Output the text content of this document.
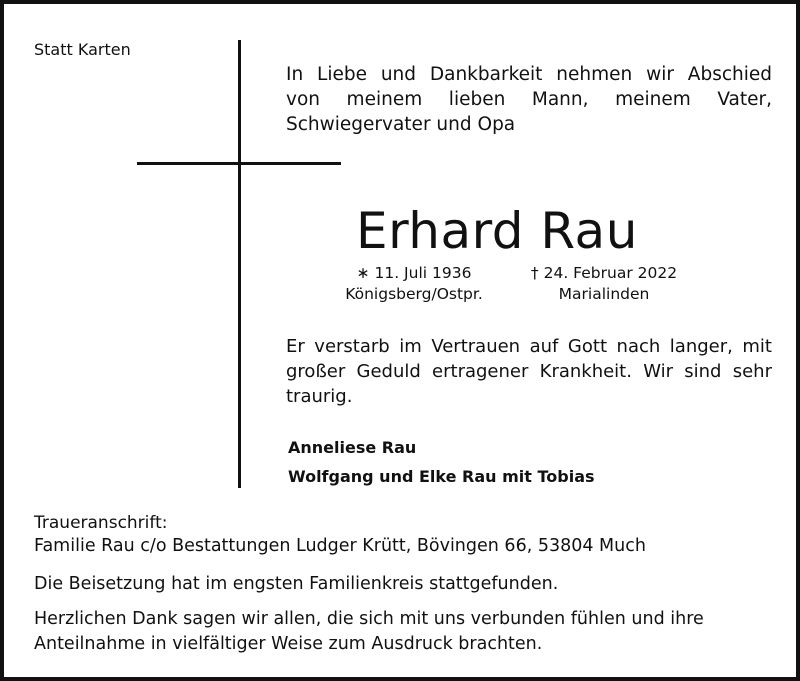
Statt Karten
In Liebe und Dankbarkeit nehmen wir Abschied
von meinem lieben Mann, meinem Vater,
Schwiegervater und Opa
Erhard Rau
∗ 11. Juli 1936
Königsberg/Ostpr.
† 24. Februar 2022
Marialinden
Er verstarb im Vertrauen auf Gott nach langer, mit
großer Geduld ertragener Krankheit. Wir sind sehr
traurig.
Anneliese Rau
Wolfgang und Elke Rau mit Tobias
Traueranschrift:
Familie Rau c/o Bestattungen Ludger Krütt, Bövingen 66, 53804 Much
Die Beisetzung hat im engsten Familienkreis stattgefunden.
Herzlichen Dank sagen wir allen, die sich mit uns verbunden fühlen und ihre
Anteilnahme in vielfältiger Weise zum Ausdruck brachten.
